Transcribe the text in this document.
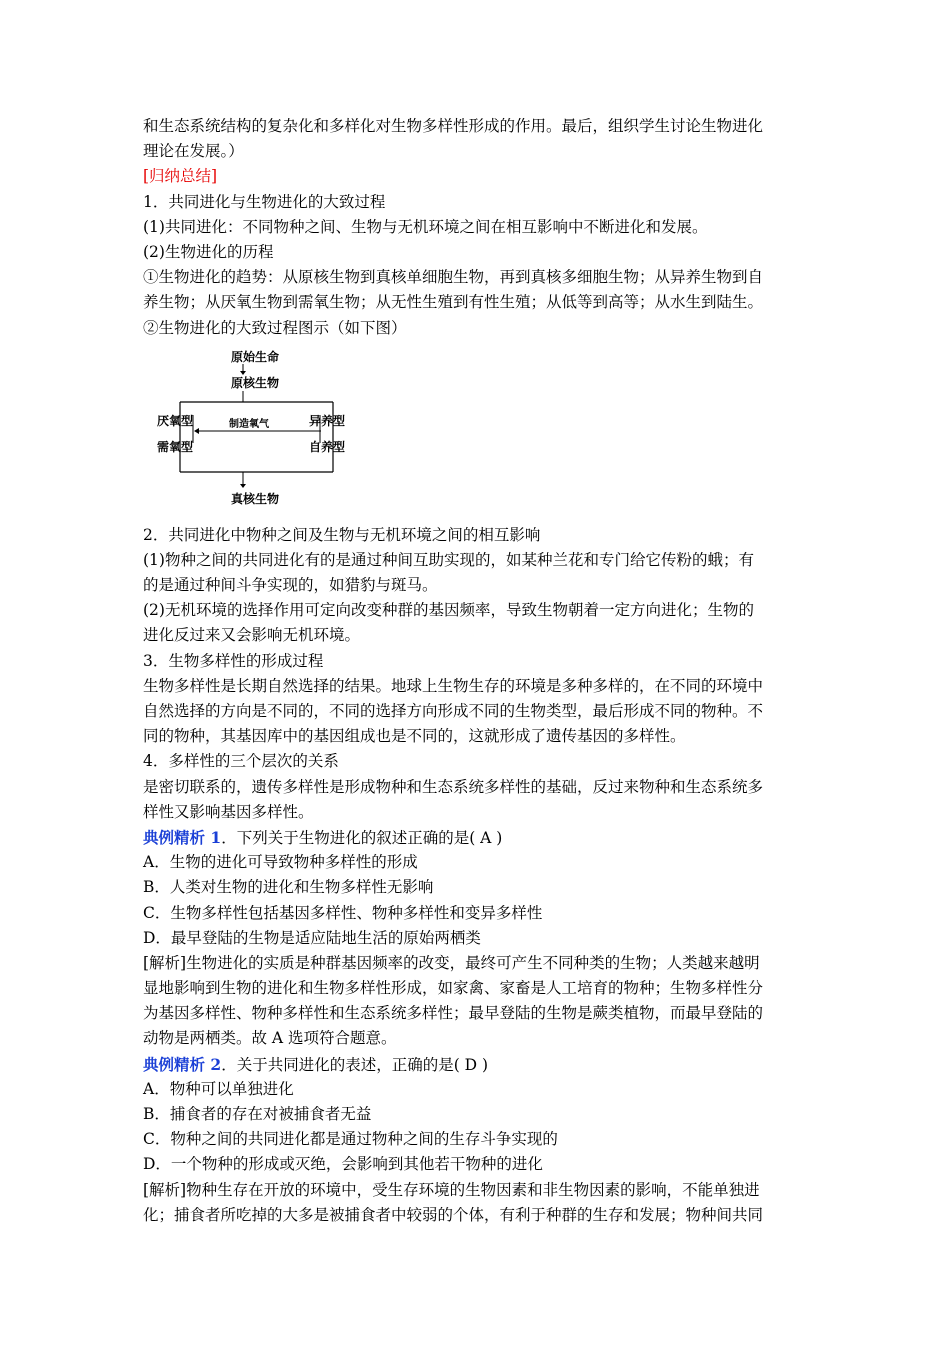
和生态系统结构的复杂化和多样化对生物多样性形成的作用。最后，组织学生讨论生物进化
理论在发展。）
[归纳总结]
1．共同进化与生物进化的大致过程
(1)共同进化：不同物种之间、生物与无机环境之间在相互影响中不断进化和发展。
(2)生物进化的历程
①生物进化的趋势：从原核生物到真核单细胞生物，再到真核多细胞生物；从异养生物到自
养生物；从厌氧生物到需氧生物；从无性生殖到有性生殖；从低等到高等；从水生到陆生。
②生物进化的大致过程图示（如下图）
原始生命
原核生物
厌氧型
需氧型
异养型
自养型
制造氧气
真核生物
2．共同进化中物种之间及生物与无机环境之间的相互影响
(1)物种之间的共同进化有的是通过种间互助实现的，如某种兰花和专门给它传粉的蛾；有
的是通过种间斗争实现的，如猎豹与斑马。
(2)无机环境的选择作用可定向改变种群的基因频率，导致生物朝着一定方向进化；生物的
进化反过来又会影响无机环境。
3．生物多样性的形成过程
生物多样性是长期自然选择的结果。地球上生物生存的环境是多种多样的，在不同的环境中
自然选择的方向是不同的，不同的选择方向形成不同的生物类型，最后形成不同的物种。不
同的物种，其基因库中的基因组成也是不同的，这就形成了遗传基因的多样性。
4．多样性的三个层次的关系
是密切联系的，遗传多样性是形成物种和生态系统多样性的基础，反过来物种和生态系统多
样性又影响基因多样性。
典例精析 1．下列关于生物进化的叙述正确的是( A )
A．生物的进化可导致物种多样性的形成
B．人类对生物的进化和生物多样性无影响
C．生物多样性包括基因多样性、物种多样性和变异多样性
D．最早登陆的生物是适应陆地生活的原始两栖类
[解析]生物进化的实质是种群基因频率的改变，最终可产生不同种类的生物；人类越来越明
显地影响到生物的进化和生物多样性形成，如家禽、家畜是人工培育的物种；生物多样性分
为基因多样性、物种多样性和生态系统多样性；最早登陆的生物是蕨类植物，而最早登陆的
动物是两栖类。故 A 选项符合题意。
典例精析 2．关于共同进化的表述，正确的是( D )
A．物种可以单独进化
B．捕食者的存在对被捕食者无益
C．物种之间的共同进化都是通过物种之间的生存斗争实现的
D．一个物种的形成或灭绝，会影响到其他若干物种的进化
[解析]物种生存在开放的环境中，受生存环境的生物因素和非生物因素的影响，不能单独进
化；捕食者所吃掉的大多是被捕食者中较弱的个体，有利于种群的生存和发展；物种间共同
